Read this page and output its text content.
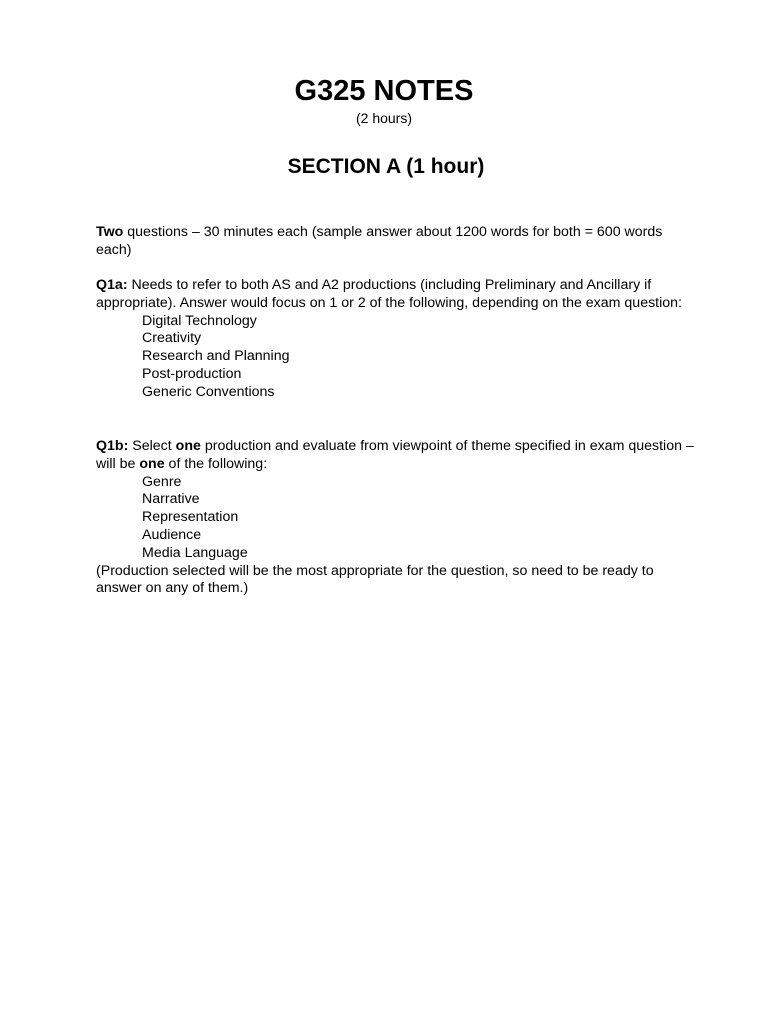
G325 NOTES
(2 hours)
SECTION A (1 hour)

Two questions – 30 minutes each (sample answer about 1200 words for both = 600 words each)

Q1a: Needs to refer to both AS and A2 productions (including Preliminary and Ancillary if appropriate). Answer would focus on 1 or 2 of the following, depending on the exam question:

Digital Technology
Creativity
Research and Planning
Post-production
Generic Conventions

Q1b: Select one production and evaluate from viewpoint of theme specified in exam question – will be one of the following:

Genre
Narrative
Representation
Audience
Media Language

(Production selected will be the most appropriate for the question, so need to be ready to answer on any of them.)
